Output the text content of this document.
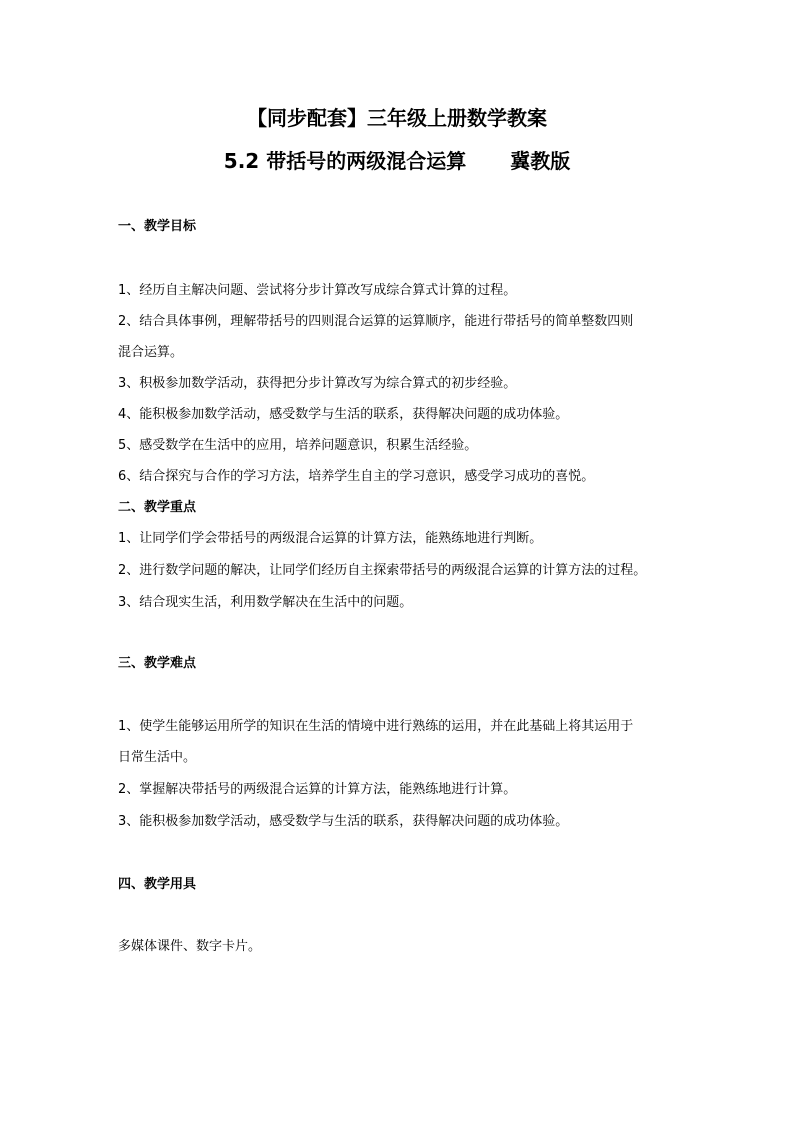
【同步配套】三年级上册数学教案
5.2 带括号的两级混合运算 冀教版
一、教学目标
1、经历自主解决问题、尝试将分步计算改写成综合算式计算的过程。
2、结合具体事例，理解带括号的四则混合运算的运算顺序，能进行带括号的简单整数四则
混合运算。
3、积极参加数学活动，获得把分步计算改写为综合算式的初步经验。
4、能积极参加数学活动，感受数学与生活的联系，获得解决问题的成功体验。
5、感受数学在生活中的应用，培养问题意识，积累生活经验。
6、结合探究与合作的学习方法，培养学生自主的学习意识，感受学习成功的喜悦。
二、教学重点
1、让同学们学会带括号的两级混合运算的计算方法，能熟练地进行判断。
2、进行数学问题的解决，让同学们经历自主探索带括号的两级混合运算的计算方法的过程。
3、结合现实生活，利用数学解决在生活中的问题。
三、教学难点
1、使学生能够运用所学的知识在生活的情境中进行熟练的运用，并在此基础上将其运用于
日常生活中。
2、掌握解决带括号的两级混合运算的计算方法，能熟练地进行计算。
3、能积极参加数学活动，感受数学与生活的联系，获得解决问题的成功体验。
四、教学用具
多媒体课件、数字卡片。
